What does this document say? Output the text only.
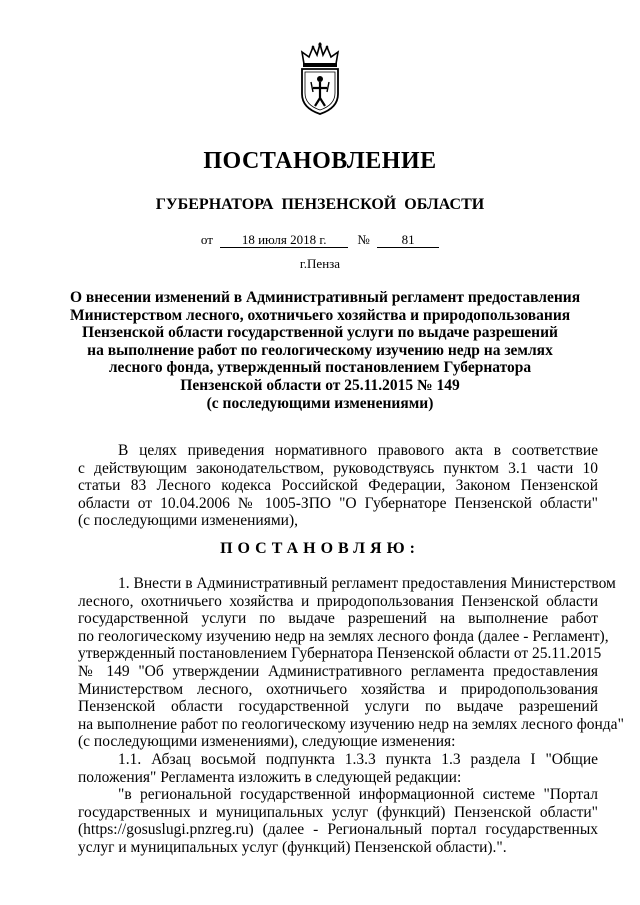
ПОСТАНОВЛЕНИЕ
ГУБЕРНАТОРА ПЕНЗЕНСКОЙ ОБЛАСТИ
от 18 июля 2018 г. № 81
г.Пенза
О внесении изменений в Административный регламент предоставления
Министерством лесного, охотничьего хозяйства и природопользования
Пензенской области государственной услуги по выдаче разрешений
на выполнение работ по геологическому изучению недр на землях
лесного фонда, утвержденный постановлением Губернатора
Пензенской области от 25.11.2015 № 149
(с последующими изменениями)
В целях приведения нормативного правового акта в соответствие
с действующим законодательством, руководствуясь пунктом 3.1 части 10
статьи 83 Лесного кодекса Российской Федерации, Законом Пензенской
области от 10.04.2006 № 1005-ЗПО "О Губернаторе Пензенской области"
(с последующими изменениями),
ПОСТАНОВЛЯЮ:
1. Внести в Административный регламент предоставления Министерством
лесного, охотничьего хозяйства и природопользования Пензенской области
государственной услуги по выдаче разрешений на выполнение работ
по геологическому изучению недр на землях лесного фонда (далее - Регламент),
утвержденный постановлением Губернатора Пензенской области от 25.11.2015
№ 149 "Об утверждении Административного регламента предоставления
Министерством лесного, охотничьего хозяйства и природопользования
Пензенской области государственной услуги по выдаче разрешений
на выполнение работ по геологическому изучению недр на землях лесного фонда"
(с последующими изменениями), следующие изменения:
1.1. Абзац восьмой подпункта 1.3.3 пункта 1.3 раздела I "Общие
положения" Регламента изложить в следующей редакции:
"в региональной государственной информационной системе "Портал
государственных и муниципальных услуг (функций) Пензенской области"
(https://gosuslugi.pnzreg.ru) (далее - Региональный портал государственных
услуг и муниципальных услуг (функций) Пензенской области).".
